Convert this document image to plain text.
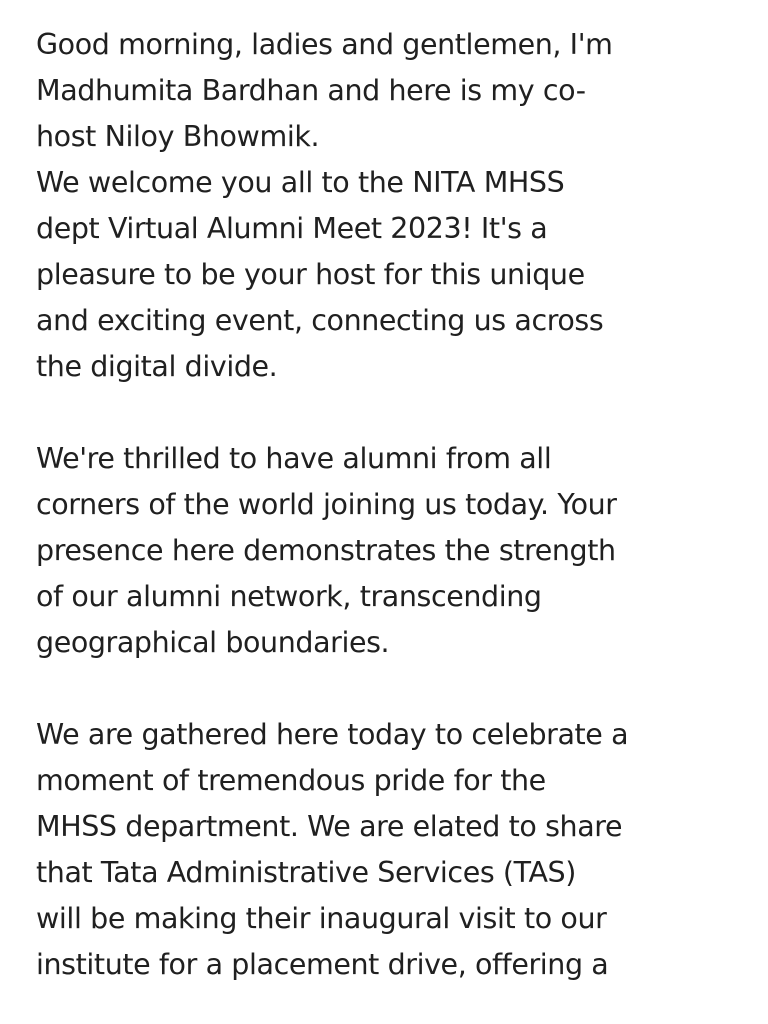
Good morning, ladies and gentlemen, I'm
Madhumita Bardhan and here is my co-
host Niloy Bhowmik.
We welcome you all to the NITA MHSS
dept Virtual Alumni Meet 2023! It's a
pleasure to be your host for this unique
and exciting event, connecting us across
the digital divide.
We're thrilled to have alumni from all
corners of the world joining us today. Your
presence here demonstrates the strength
of our alumni network, transcending
geographical boundaries.
We are gathered here today to celebrate a
moment of tremendous pride for the
MHSS department. We are elated to share
that Tata Administrative Services (TAS)
will be making their inaugural visit to our
institute for a placement drive, offering a
